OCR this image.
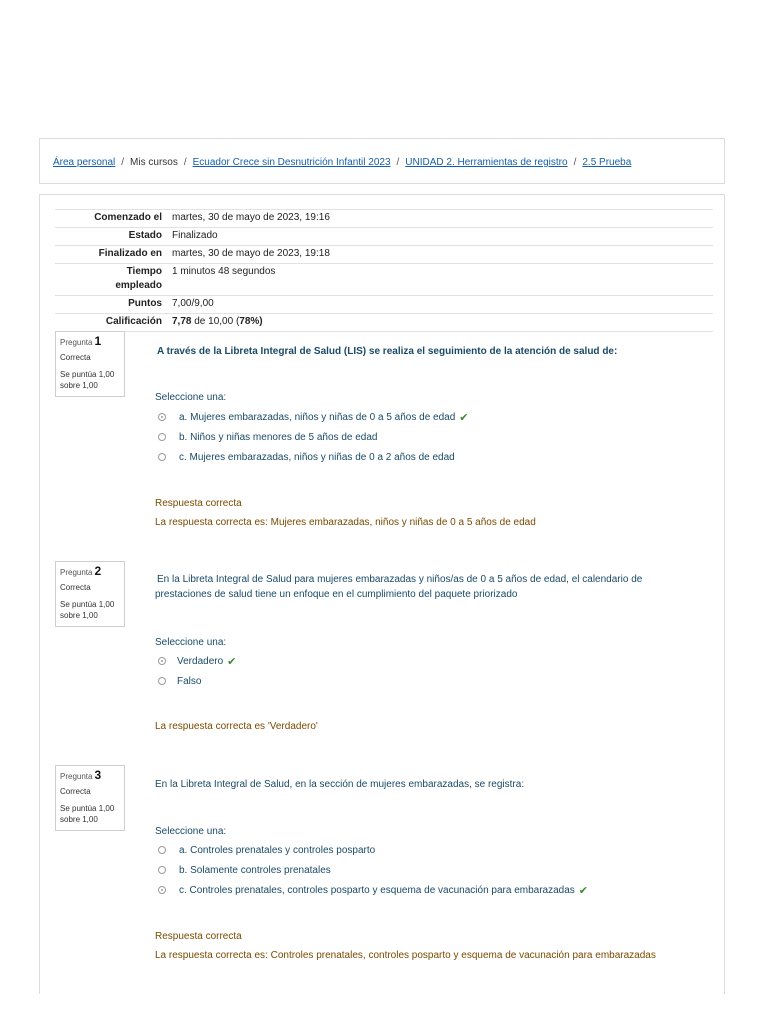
Área personal / Mis cursos / Ecuador Crece sin Desnutrición Infantil 2023 / UNIDAD 2. Herramientas de registro / 2.5 Prueba
Comenzado el	martes, 30 de mayo de 2023, 19:16
Estado	Finalizado
Finalizado en	martes, 30 de mayo de 2023, 19:18
Tiempo
empleado	1 minutos 48 segundos
Puntos	7,00/9,00
Calificación	7,78 de 10,00 (78%)
Pregunta 1
Correcta
Se puntúa 1,00
sobre 1,00
A través de la Libreta Integral de Salud (LIS) se realiza el seguimiento de la atención de salud de:
Seleccione una:
a. Mujeres embarazadas, niños y niñas de 0 a 5 años de edad ✔
b. Niños y niñas menores de 5 años de edad
c. Mujeres embarazadas, niños y niñas de 0 a 2 años de edad
Respuesta correcta
La respuesta correcta es: Mujeres embarazadas, niños y niñas de 0 a 5 años de edad
Pregunta 2
Correcta
Se puntúa 1,00
sobre 1,00
En la Libreta Integral de Salud para mujeres embarazadas y niños/as de 0 a 5 años de edad, el calendario de
prestaciones de salud tiene un enfoque en el cumplimiento del paquete priorizado
Seleccione una:
Verdadero ✔
Falso
La respuesta correcta es 'Verdadero'
Pregunta 3
Correcta
Se puntúa 1,00
sobre 1,00
En la Libreta Integral de Salud, en la sección de mujeres embarazadas, se registra:
Seleccione una:
a. Controles prenatales y controles posparto
b. Solamente controles prenatales
c. Controles prenatales, controles posparto y esquema de vacunación para embarazadas ✔
Respuesta correcta
La respuesta correcta es: Controles prenatales, controles posparto y esquema de vacunación para embarazadas
